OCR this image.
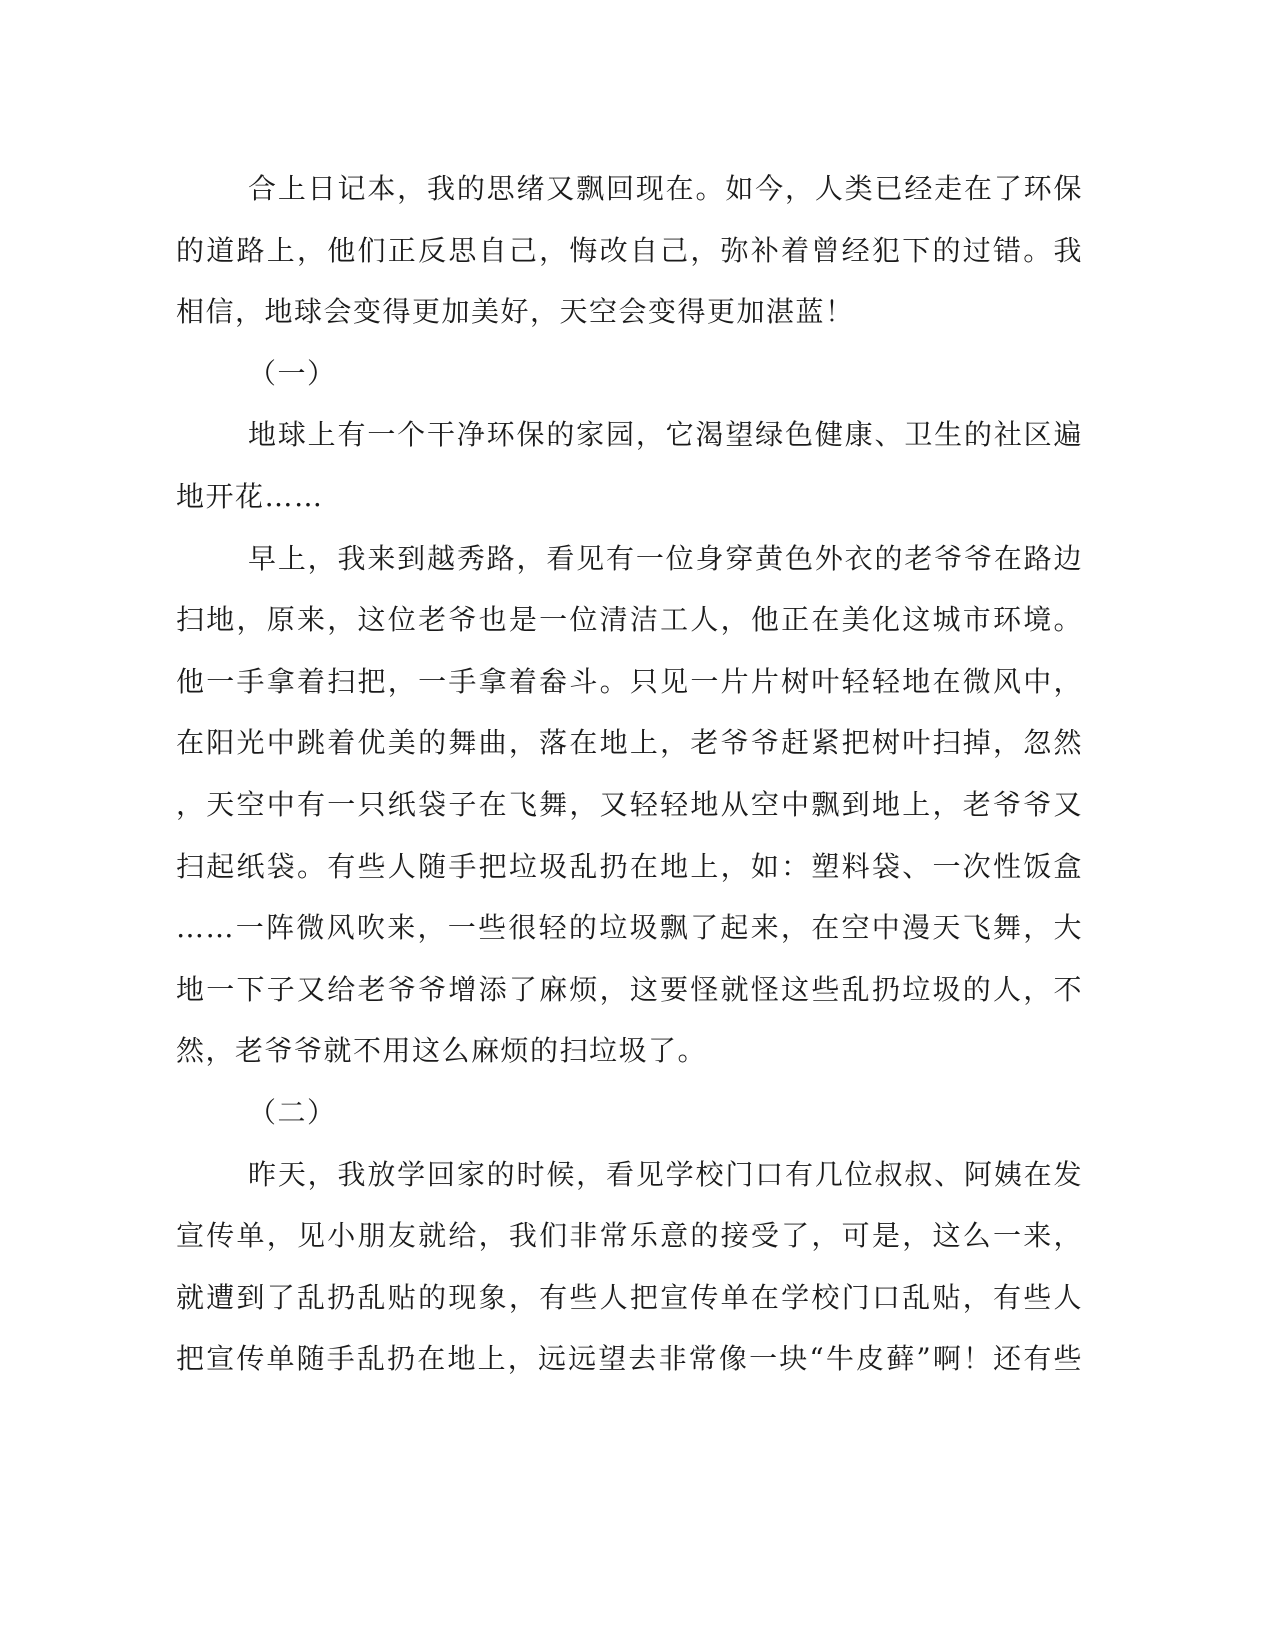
合上日记本，我的思绪又飘回现在。如今，人类已经走在了环保
的道路上，他们正反思自己，悔改自己，弥补着曾经犯下的过错。我
相信，地球会变得更加美好，天空会变得更加湛蓝！
（一）
地球上有一个干净环保的家园，它渴望绿色健康、卫生的社区遍
地开花……
早上，我来到越秀路，看见有一位身穿黄色外衣的老爷爷在路边
扫地，原来，这位老爷也是一位清洁工人，他正在美化这城市环境。
他一手拿着扫把，一手拿着畚斗。只见一片片树叶轻轻地在微风中，
在阳光中跳着优美的舞曲，落在地上，老爷爷赶紧把树叶扫掉，忽然
，天空中有一只纸袋子在飞舞，又轻轻地从空中飘到地上，老爷爷又
扫起纸袋。有些人随手把垃圾乱扔在地上，如：塑料袋、一次性饭盒
……一阵微风吹来，一些很轻的垃圾飘了起来，在空中漫天飞舞，大
地一下子又给老爷爷增添了麻烦，这要怪就怪这些乱扔垃圾的人，不
然，老爷爷就不用这么麻烦的扫垃圾了。
（二）
昨天，我放学回家的时候，看见学校门口有几位叔叔、阿姨在发
宣传单，见小朋友就给，我们非常乐意的接受了，可是，这么一来，
就遭到了乱扔乱贴的现象，有些人把宣传单在学校门口乱贴，有些人
把宣传单随手乱扔在地上，远远望去非常像一块“牛皮藓”啊！还有些
